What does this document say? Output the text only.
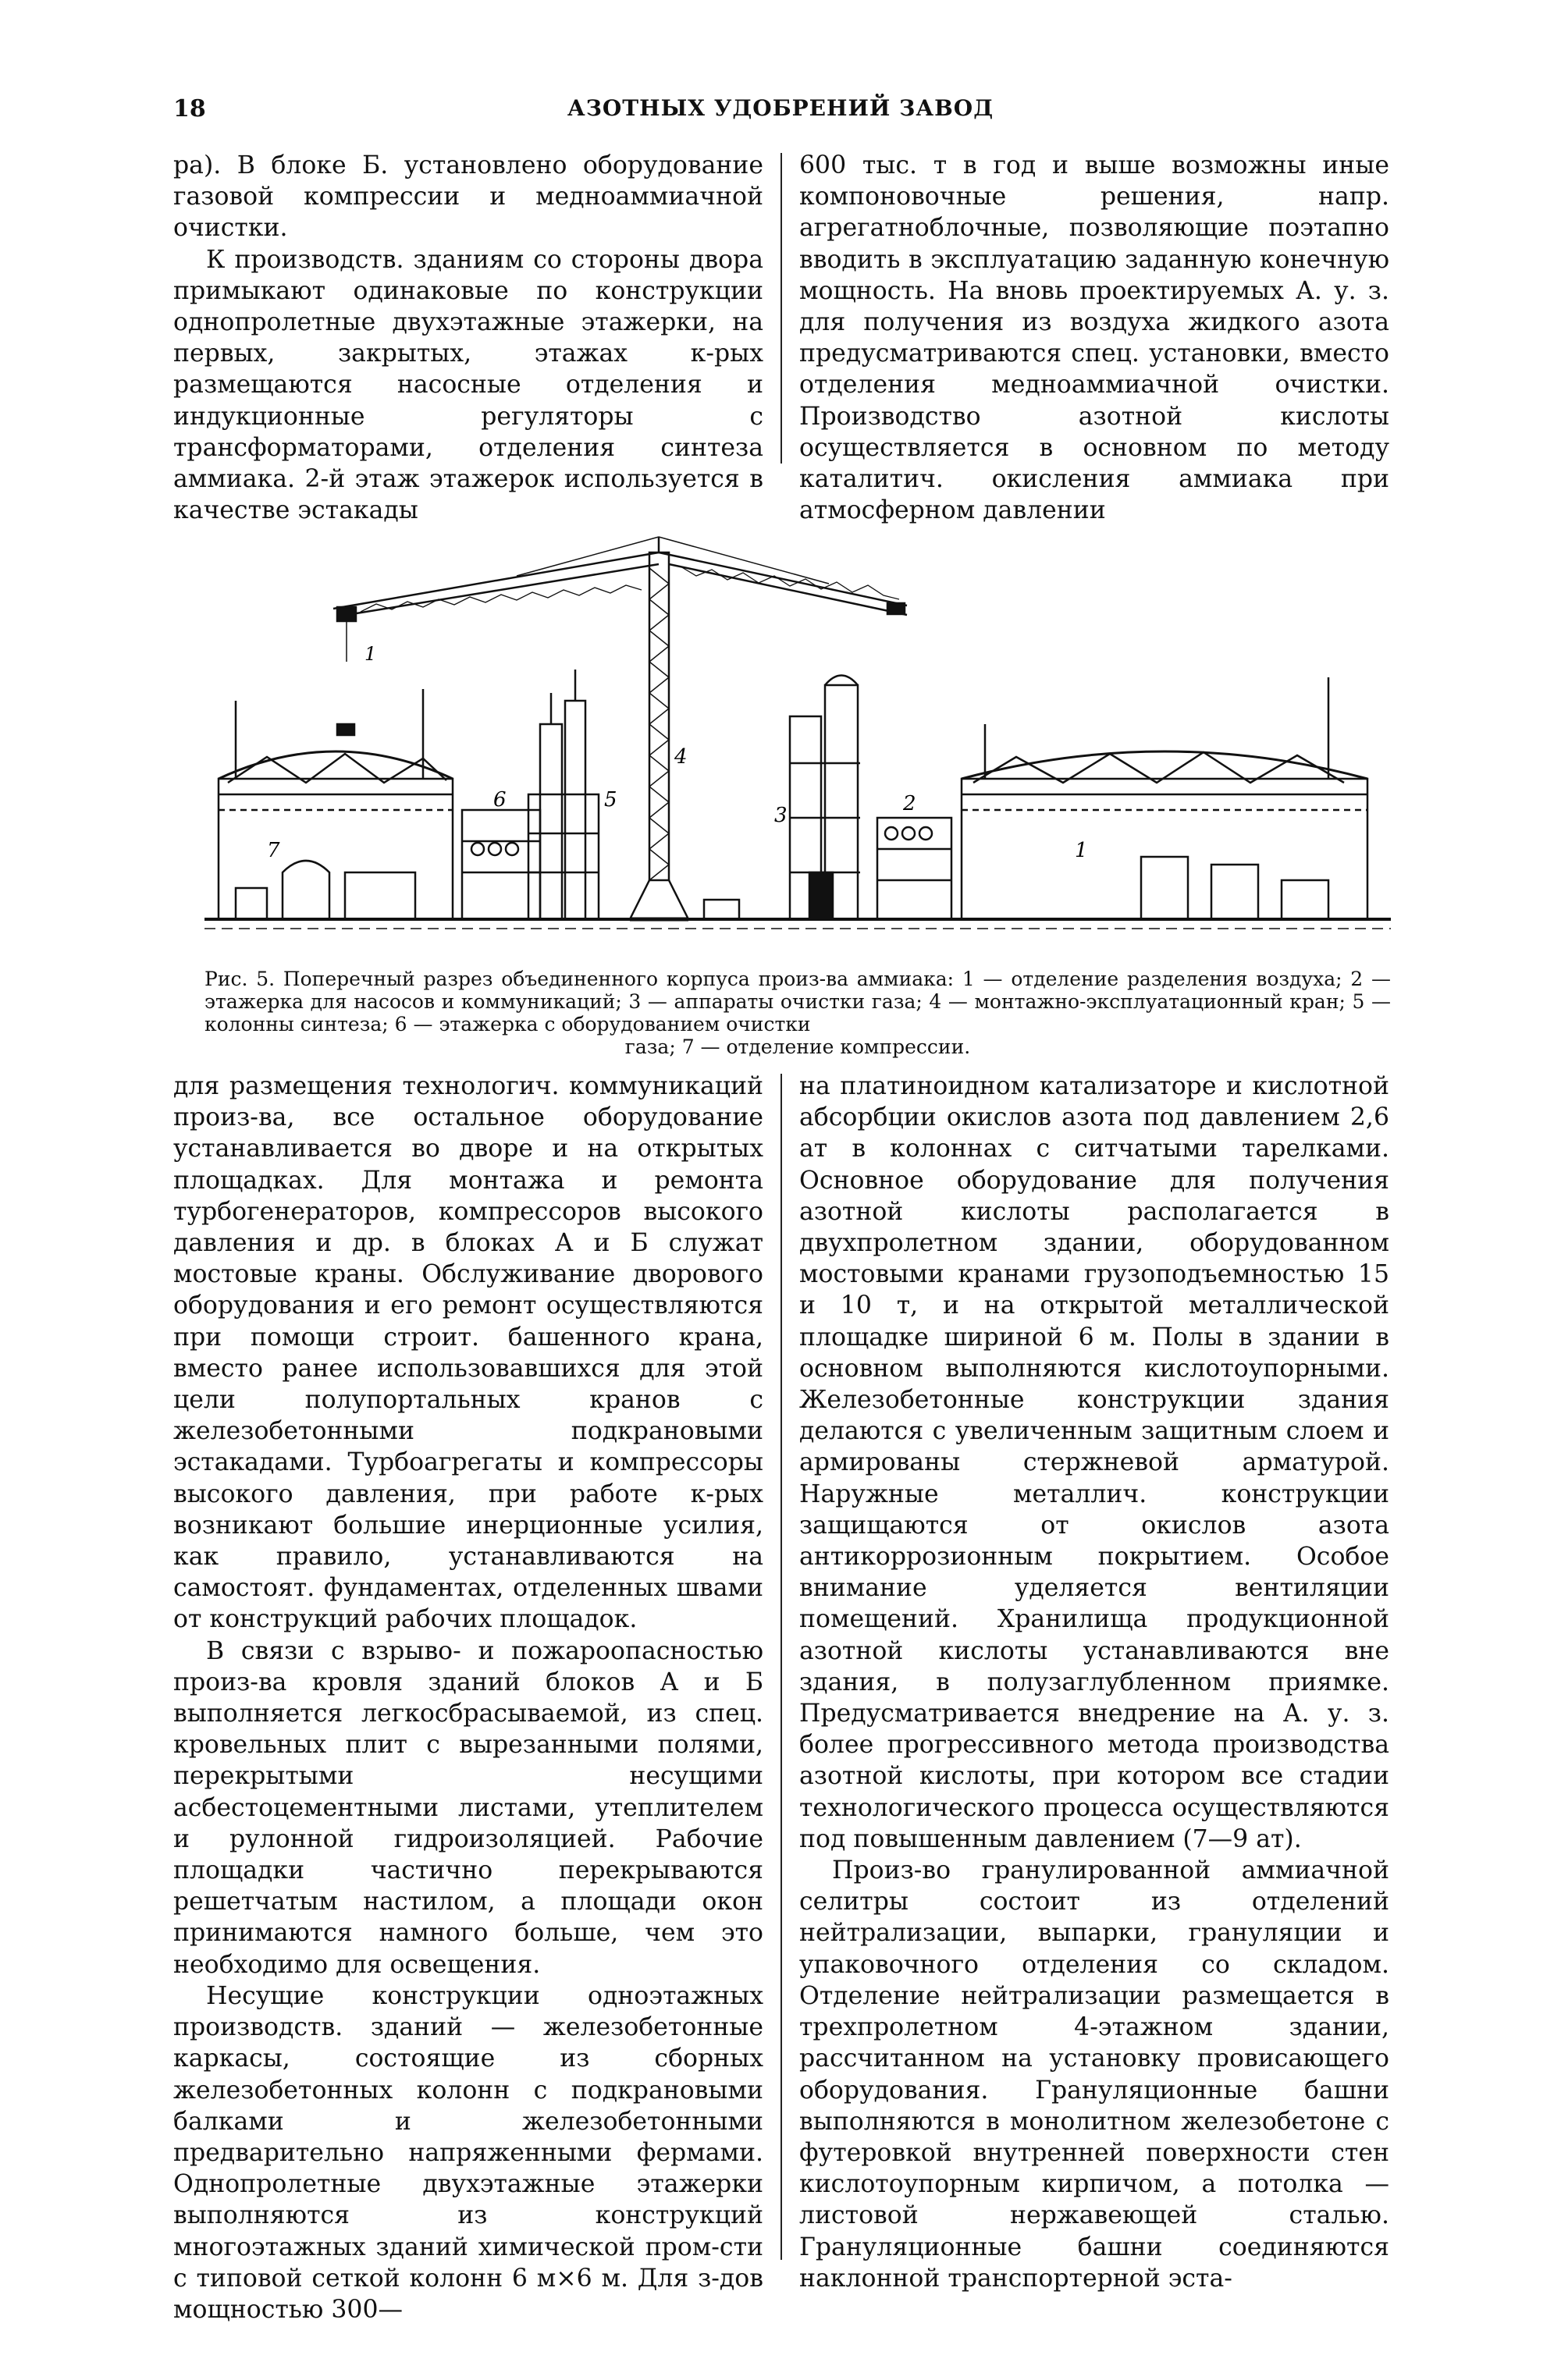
18	АЗОТНЫХ УДОБРЕНИЙ ЗАВОД

ра). В блоке Б. установлено оборудование газовой компрессии и медноаммиачной очистки.

К производств. зданиям со стороны двора примыкают одинаковые по конструкции однопролетные двухэтажные этажерки, на первых, закрытых, этажах к-рых размещаются насосные отделения и индукционные регуляторы с трансформаторами, отделения синтеза аммиака. 2-й этаж этажерок используется в качестве эстакады

600 тыс. т в год и выше возможны иные компоновочные решения, напр. агрегатноблочные, позволяющие поэтапно вводить в эксплуатацию заданную конечную мощность. На вновь проектируемых А. у. з. для получения из воздуха жидкого азота предусматриваются спец. установки, вместо отделения медноаммиачной очистки. Производство азотной кислоты осуществляется в основном по методу каталитич. окисления аммиака при атмосферном давлении

1
2
3
4
5
6
7	1
7
Рис. 5. Поперечный разрез объединенного корпуса произ-ва аммиака: 1 — отделение разделения воздуха; 2 — этажерка для насосов и коммуникаций; 3 — аппараты очистки газа; 4 — монтажно-эксплуатационный кран; 5 — колонны синтеза; 6 — этажерка с оборудованием очистки
газа; 7 — отделение компрессии.

для размещения технологич. коммуникаций произ-ва, все остальное оборудование устанавливается во дворе и на открытых площадках. Для монтажа и ремонта турбогенераторов, компрессоров высокого давления и др. в блоках А и Б служат мостовые краны. Обслуживание дворового оборудования и его ремонт осуществляются при помощи строит. башенного крана, вместо ранее использовавшихся для этой цели полупортальных кранов с железобетонными подкрановыми эстакадами. Турбоагрегаты и компрессоры высокого давления, при работе к-рых возникают большие инерционные усилия, как правило, устанавливаются на самостоят. фундаментах, отделенных швами от конструкций рабочих площадок.

В связи с взрыво- и пожароопасностью произ-ва кровля зданий блоков А и Б выполняется легкосбрасываемой, из спец. кровельных плит с вырезанными полями, перекрытыми несущими асбестоцементными листами, утеплителем и рулонной гидроизоляцией. Рабочие площадки частично перекрываются решетчатым настилом, а площади окон принимаются намного больше, чем это необходимо для освещения.

Несущие конструкции одноэтажных производств. зданий — железобетонные каркасы, состоящие из сборных железобетонных колонн с подкрановыми балками и железобетонными предварительно напряженными фермами. Однопролетные двухэтажные этажерки выполняются из конструкций многоэтажных зданий химической пром-сти с типовой сеткой колонн 6 м×6 м. Для з-дов мощностью 300—

на платиноидном катализаторе и кислотной абсорбции окислов азота под давлением 2,6 ат в колоннах с ситчатыми тарелками. Основное оборудование для получения азотной кислоты располагается в двухпролетном здании, оборудованном мостовыми кранами грузоподъемностью 15 и 10 т, и на открытой металлической площадке шириной 6 м. Полы в здании в основном выполняются кислотоупорными. Железобетонные конструкции здания делаются с увеличенным защитным слоем и армированы стержневой арматурой. Наружные металлич. конструкции защищаются от окислов азота антикоррозионным покрытием. Особое внимание уделяется вентиляции помещений. Хранилища продукционной азотной кислоты устанавливаются вне здания, в полузаглубленном приямке. Предусматривается внедрение на А. у. з. более прогрессивного метода производства азотной кислоты, при котором все стадии технологического процесса осуществляются под повышенным давлением (7—9 ат).

Произ-во гранулированной аммиачной селитры состоит из отделений нейтрализации, выпарки, грануляции и упаковочного отделения со складом. Отделение нейтрализации размещается в трехпролетном 4-этажном здании, рассчитанном на установку провисающего оборудования. Грануляционные башни выполняются в монолитном железобетоне с футеровкой внутренней поверхности стен кислотоупорным кирпичом, а потолка — листовой нержавеющей сталью. Грануляционные башни соединяются наклонной транспортерной эста-
